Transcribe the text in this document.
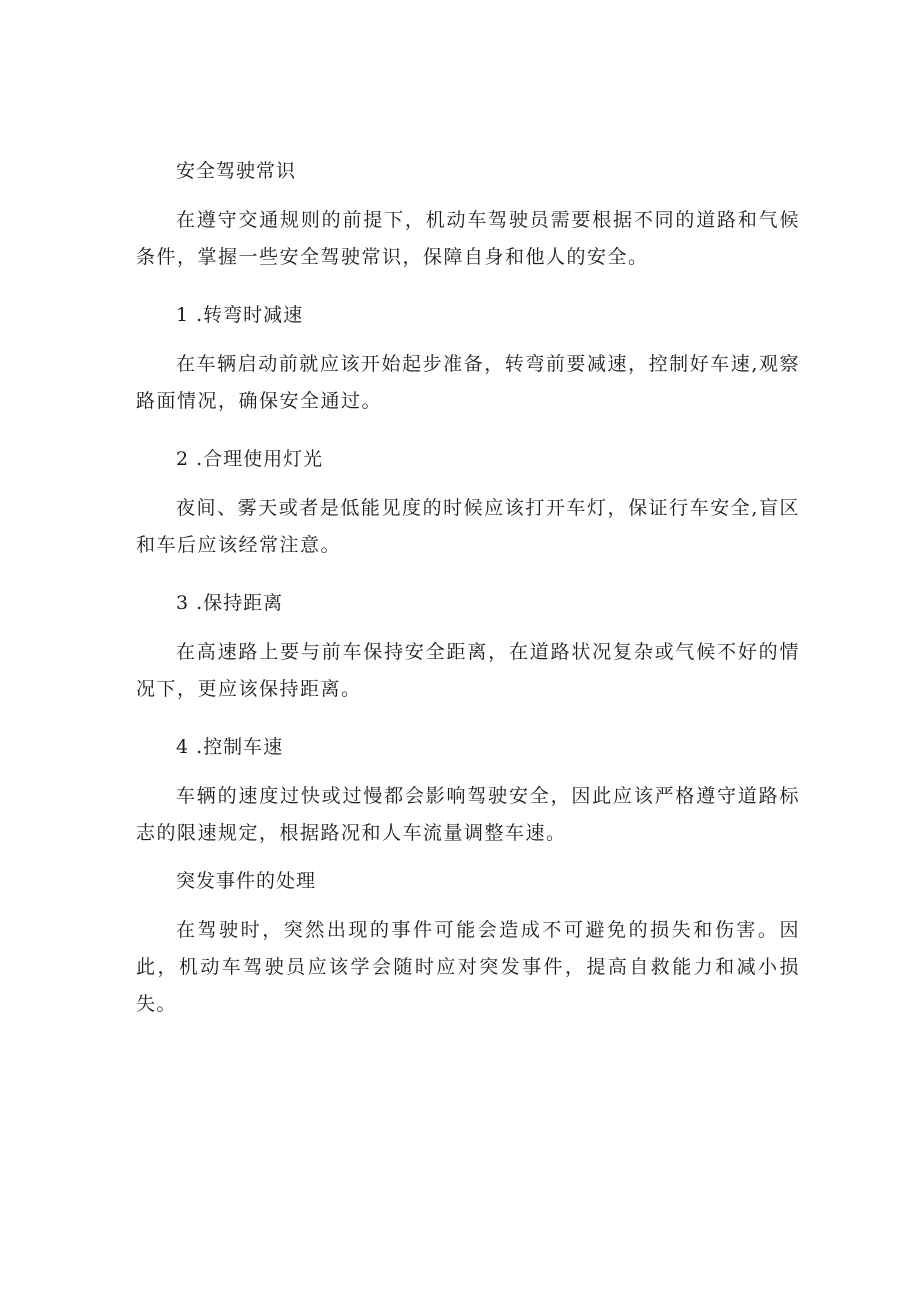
安全驾驶常识

在遵守交通规则的前提下，机动车驾驶员需要根据不同的道路和气候条件，掌握一些安全驾驶常识，保障自身和他人的安全。

1 .转弯时减速

在车辆启动前就应该开始起步准备，转弯前要减速，控制好车速,观察路面情况，确保安全通过。

2 .合理使用灯光

夜间、雾天或者是低能见度的时候应该打开车灯，保证行车安全,盲区和车后应该经常注意。

3 .保持距离

在高速路上要与前车保持安全距离，在道路状况复杂或气候不好的情况下，更应该保持距离。

4 .控制车速

车辆的速度过快或过慢都会影响驾驶安全，因此应该严格遵守道路标志的限速规定，根据路况和人车流量调整车速。

突发事件的处理

在驾驶时，突然出现的事件可能会造成不可避免的损失和伤害。因此，机动车驾驶员应该学会随时应对突发事件，提高自救能力和减小损失。
